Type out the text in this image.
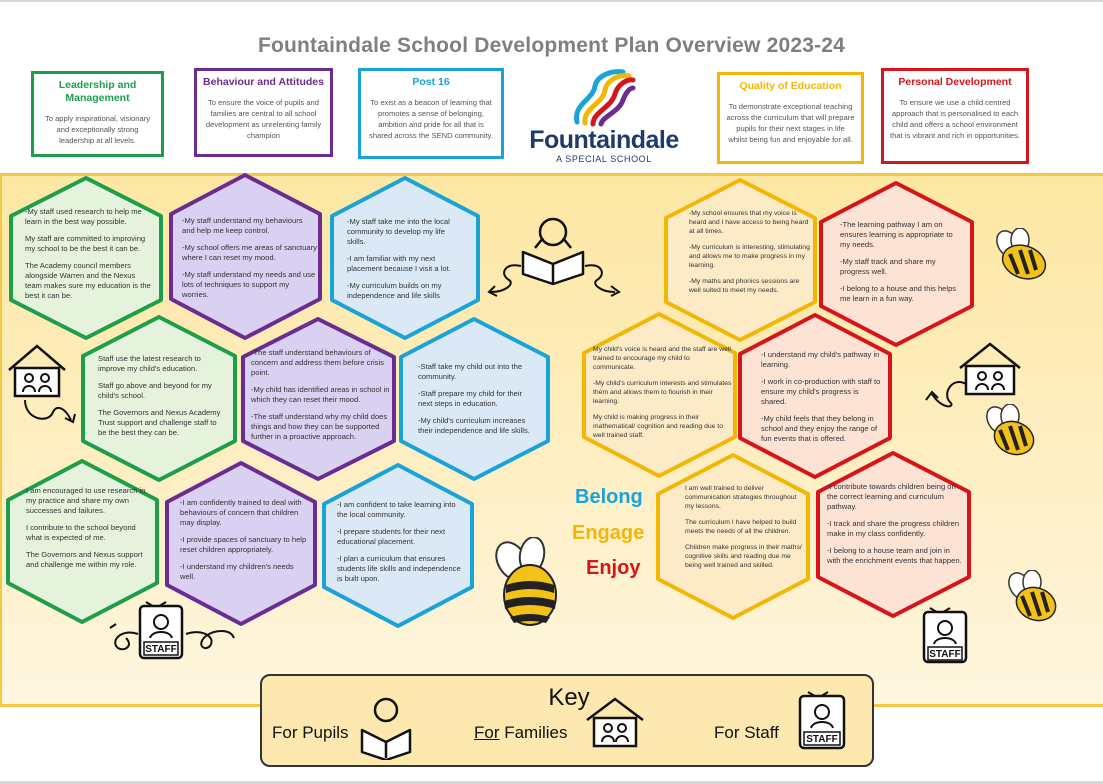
Fountaindale School Development Plan Overview 2023-24
Leadership and Management

To apply inspirational, visionary and exceptionally strong leadership at all levels.

Behaviour and Attitudes

To ensure the voice of pupils and families are central to all school development as unrelenting family champion

Post 16

To exist as a beacon of learning that promotes a sense of belonging, ambition and pride for all that is shared across the SEND community.

Quality of Education

To demonstrate exceptional teaching across the curriculum that will prepare pupils for their next stages in life whilst being fun and enjoyable for all.

Personal Development

To ensure we use a child centred approach that is personalised to each child and offers a school environment that is vibrant and rich in opportunities.

Fountaindale
A SPECIAL SCHOOL

-My staff used research to help me learn in the best way possible.

My staff are committed to improving my school to be the best it can be.

The Academy council members alongside Warren and the Nexus team makes sure my education is the best it can be.

-My staff understand my behaviours and help me keep control.

-My school offers me areas of sanctuary where I can reset my mood.

-My staff understand my needs and use lots of techniques to support my worries.

-My staff take me into the local community to develop my life skills.

-I am familiar with my next placement because I visit a lot.

-My curriculum builds on my independence and life skills

Staff use the latest research to improve my child's education.

Staff go above and beyond for my child's school.

The Governors and Nexus Academy Trust support and challenge staff to be the best they can be.

-The staff understand behaviours of concern and address them before crisis point.

-My child has identified areas in school in which they can reset their mood.

-The staff understand why my child does things and how they can be supported further in a proactive approach.

-Staff take my child out into the community.

-Staff prepare my child for their next steps in education.

-My child's curriculum increases their independence and life skills.

I am encouraged to use research in my practice and share my own successes and failures.

I contribute to the school beyond what is expected of me.

The Governors and Nexus support and challenge me within my role.

-I am confidently trained to deal with behaviours of concern that children may display.

-I provide spaces of sanctuary to help reset children appropriately.

-I understand my children's needs well.

-I am confident to take learning into the local community.

-I prepare students for their next educational placement.

-I plan a curriculum that ensures students life skills and independence is built upon.

-My school ensures that my voice is heard and I have access to being heard at all times.

-My curriculum is interesting, stimulating and allows me to make progress in my learning.

-My maths and phonics sessions are well suited to meet my needs.

-The learning pathway I am on ensures learning is appropriate to my needs.

-My staff track and share my progress well.

-I belong to a house and this helps me learn in a fun way.

My child's voice is heard and the staff are well trained to encourage my child to communicate.

-My child's curriculum interests and stimulates them and allows them to flourish in their learning.

My child is making progress in their mathematical/ cognition and reading due to well trained staff.

-I understand my child's pathway in learning.

-I work in co-production with staff to ensure my child's progress is shared.

-My child feels that they belong in school and they enjoy the range of fun events that is offered.

I am well trained to deliver communication strategies throughout my lessons.

The curriculum I have helped to build meets the needs of all the children.

Children make progress in their maths/ cognitive skills and reading due me being well trained and skilled.

-I contribute towards children being on the correct learning and curriculum pathway.

-I track and share the progress children make in my class confidently.

-I belong to a house team and join in with the enrichment events that happen.

Belong
Engage
Enjoy
STAFF	STAFF
Key
For Pupils	For Families	For Staff	STAFF
